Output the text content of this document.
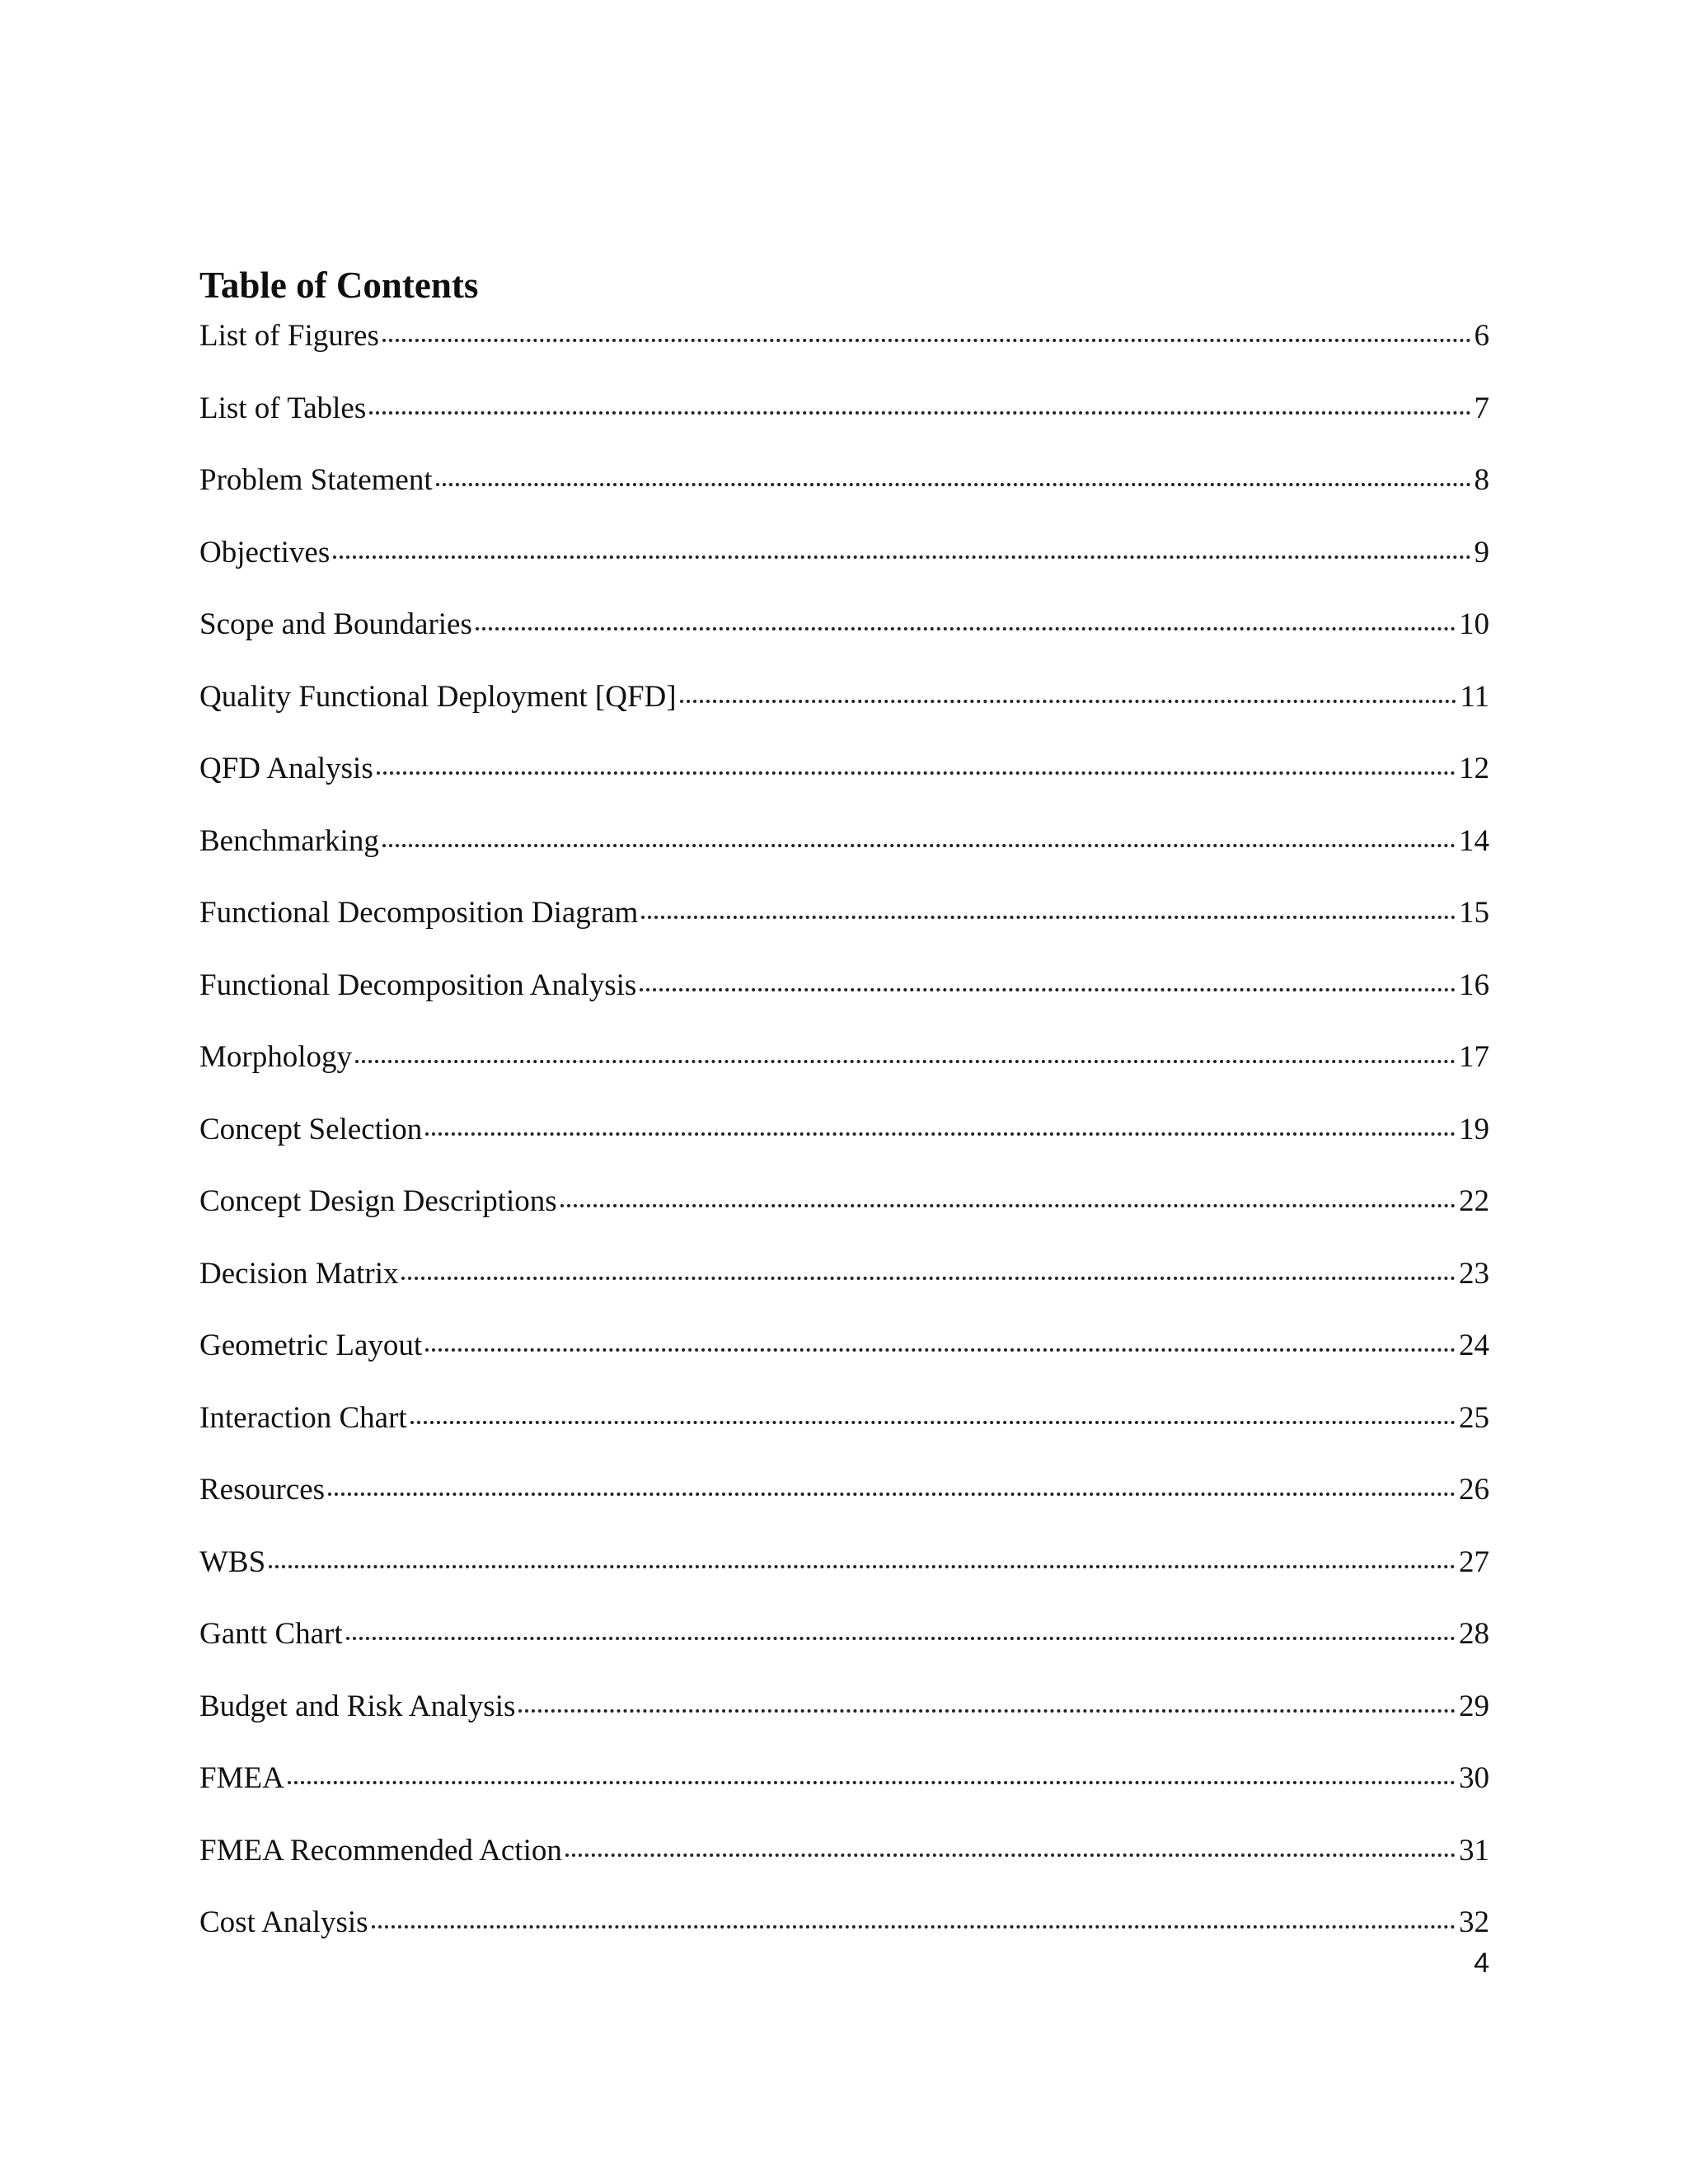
Table of Contents
List of Figures	6
List of Tables	7
Problem Statement	8
Objectives	9
Scope and Boundaries	10
Quality Functional Deployment [QFD]	11
QFD Analysis	12
Benchmarking	14
Functional Decomposition Diagram	15
Functional Decomposition Analysis	16
Morphology	17
Concept Selection	19
Concept Design Descriptions	22
Decision Matrix	23
Geometric Layout	24
Interaction Chart	25
Resources	26
WBS	27
Gantt Chart	28
Budget and Risk Analysis	29
FMEA	30
FMEA Recommended Action	31
Cost Analysis	32
4
